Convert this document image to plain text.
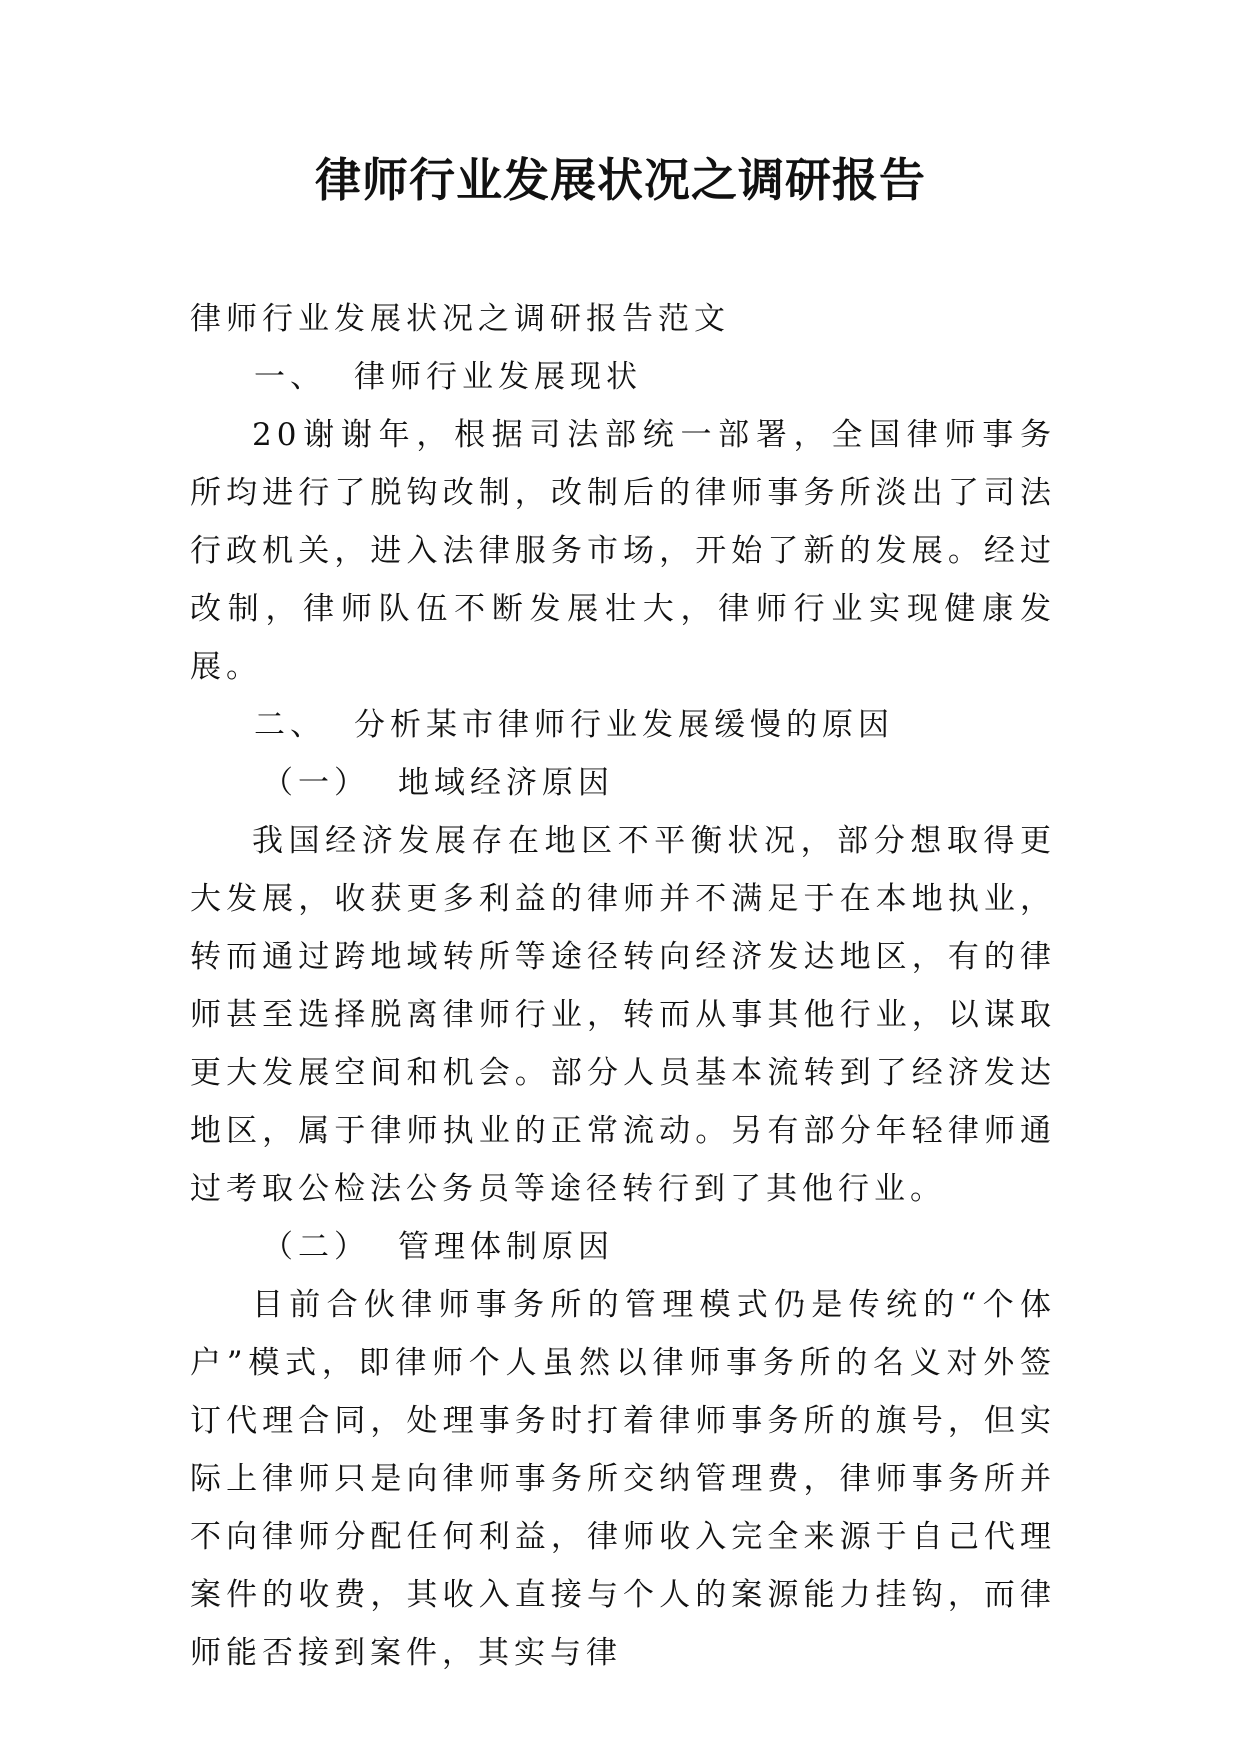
律师行业发展状况之调研报告

律师行业发展状况之调研报告范文

一、 律师行业发展现状

20谢谢年，根据司法部统一部署，全国律师事务所均进行了脱钩改制，改制后的律师事务所淡出了司法行政机关，进入法律服务市场，开始了新的发展。经过改制，律师队伍不断发展壮大，律师行业实现健康发展。

二、 分析某市律师行业发展缓慢的原因

（一） 地域经济原因

我国经济发展存在地区不平衡状况，部分想取得更大发展，收获更多利益的律师并不满足于在本地执业，转而通过跨地域转所等途径转向经济发达地区，有的律师甚至选择脱离律师行业，转而从事其他行业，以谋取更大发展空间和机会。部分人员基本流转到了经济发达地区，属于律师执业的正常流动。另有部分年轻律师通过考取公检法公务员等途径转行到了其他行业。

（二） 管理体制原因

目前合伙律师事务所的管理模式仍是传统的“个体户”模式，即律师个人虽然以律师事务所的名义对外签订代理合同，处理事务时打着律师事务所的旗号，但实际上律师只是向律师事务所交纳管理费，律师事务所并不向律师分配任何利益，律师收入完全来源于自己代理案件的收费，其收入直接与个人的案源能力挂钩，而律师能否接到案件，其实与律
